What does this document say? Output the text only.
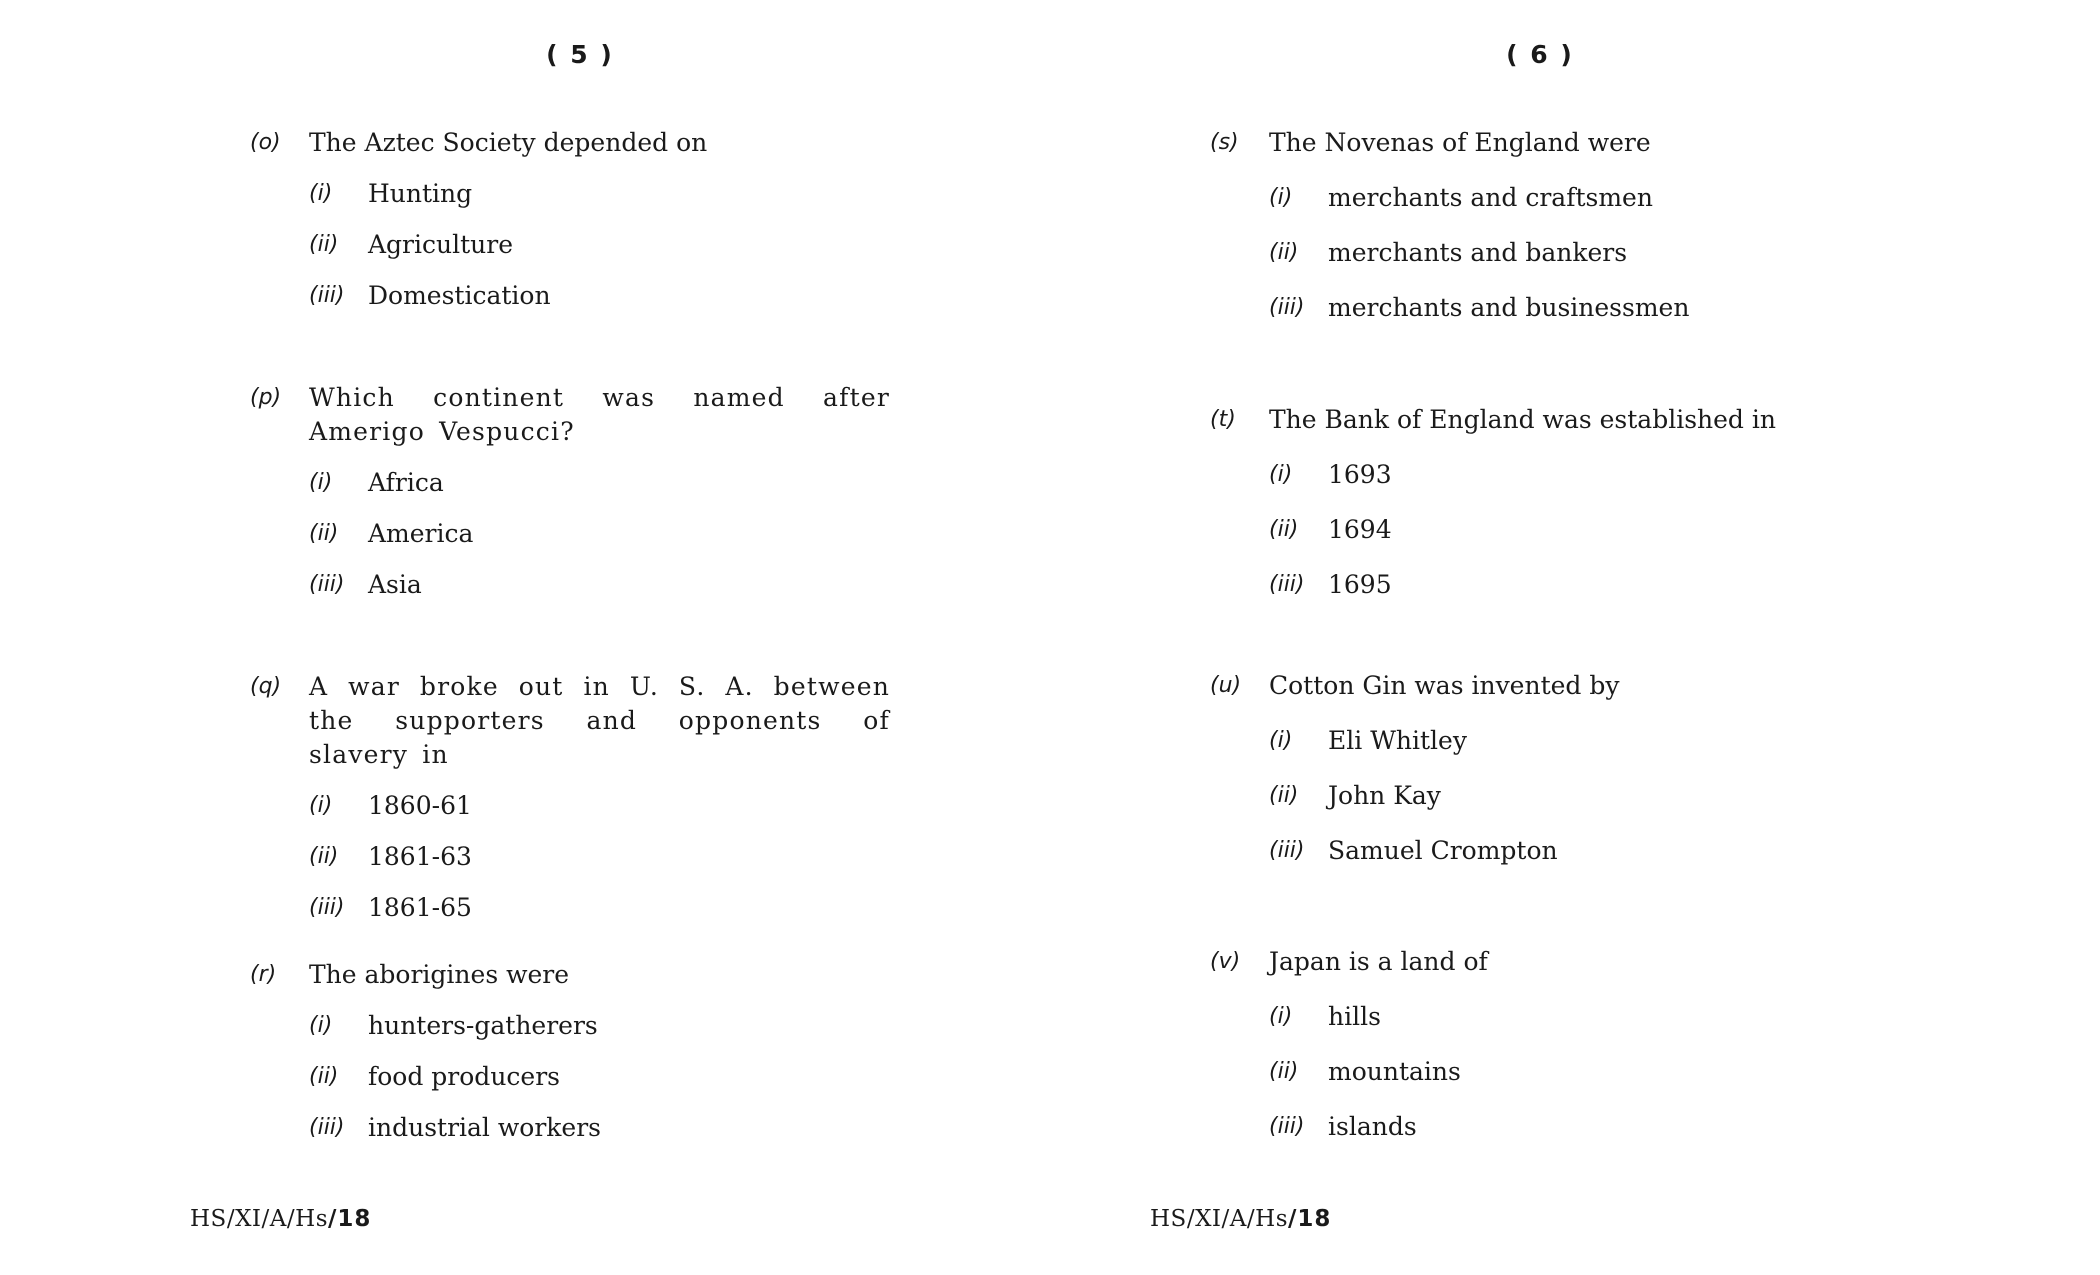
( 5 )
(o) The Aztec Society depended on
(i) Hunting
(ii) Agriculture
(iii) Domestication
(p) Which continent was named after Amerigo Vespucci?
(i) Africa
(ii) America
(iii) Asia
(q) A war broke out in U. S. A. between the supporters and opponents of slavery in
(i) 1860-61
(ii) 1861-63
(iii) 1861-65
(r) The aborigines were
(i) hunters-gatherers
(ii) food producers
(iii) industrial workers
HS/XI/A/Hs/18
( 6 )
(s) The Novenas of England were
(i) merchants and craftsmen
(ii) merchants and bankers
(iii) merchants and businessmen
(t) The Bank of England was established in
(i) 1693
(ii) 1694
(iii) 1695
(u) Cotton Gin was invented by
(i) Eli Whitley
(ii) John Kay
(iii) Samuel Crompton
(v) Japan is a land of
(i) hills
(ii) mountains
(iii) islands
HS/XI/A/Hs/18
